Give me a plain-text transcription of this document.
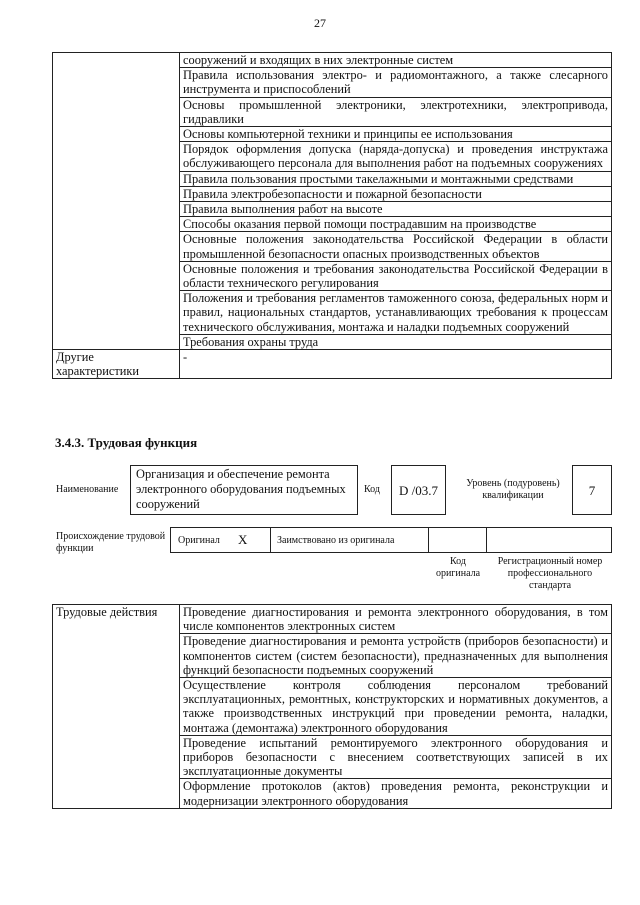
27
	сооружений и входящих в них электронные систем
	Правила использования электро- и радиомонтажного, а также слесарного инструмента и приспособлений
	Основы промышленной электроники, электротехники, электропривода, гидравлики
	Основы компьютерной техники и принципы ее использования
	Порядок оформления допуска (наряда-допуска) и проведения инструктажа обслуживающего персонала для выполнения работ на подъемных сооружениях
	Правила пользования простыми такелажными и монтажными средствами
	Правила электробезопасности и пожарной безопасности
	Правила выполнения работ на высоте
	Способы оказания первой помощи пострадавшим на производстве
	Основные положения законодательства Российской Федерации в области промышленной безопасности опасных производственных объектов
	Основные положения и требования законодательства Российской Федерации в области технического регулирования
	Положения и требования регламентов таможенного союза, федеральных норм и правил, национальных стандартов, устанавливающих требования к процессам технического обслуживания, монтажа и наладки подъемных сооружений
	Требования охраны труда
Другие характеристики	-
3.4.3. Трудовая функция
Наименование
Организация и обеспечение ремонта электронного оборудования подъемных сооружений
Код	D /03.7	Уровень (подуровень) квалификации	7
Происхождение трудовой функции
Оригинал X	Заимствовано из оригинала
Код оригинала
Регистрационный номер профессионального стандарта
Трудовые действия	Проведение диагностирования и ремонта электронного оборудования, в том числе компонентов электронных систем
Проведение диагностирования и ремонта устройств (приборов безопасности) и компонентов систем (систем безопасности), предназначенных для выполнения функций безопасности подъемных сооружений
Осуществление контроля соблюдения персоналом требований эксплуатационных, ремонтных, конструкторских и нормативных документов, а также производственных инструкций при проведении ремонта, наладки, монтажа (демонтажа) электронного оборудования
Проведение испытаний ремонтируемого электронного оборудования и приборов безопасности с внесением соответствующих записей в их эксплуатационные документы
Оформление протоколов (актов) проведения ремонта, реконструкции и модернизации электронного оборудования
